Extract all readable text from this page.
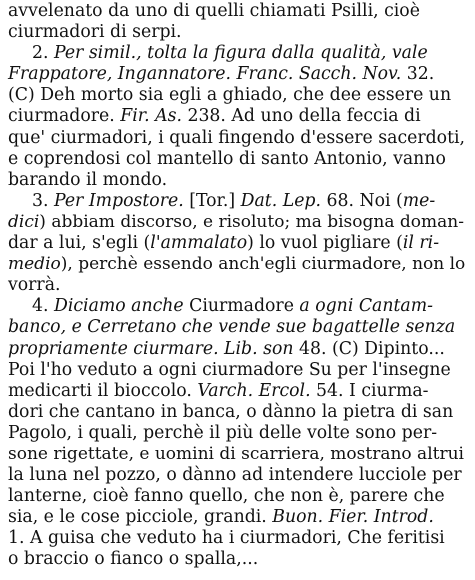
avvelenato da uno di quelli chiamati Psilli, cioè
ciurmadori di serpi.
2. Per simil., tolta la figura dalla qualità, vale
Frappatore, Ingannatore. Franc. Sacch. Nov. 32.
(C) Deh morto sia egli a ghiado, che dee essere un
ciurmadore. Fir. As. 238. Ad uno della feccia di
que' ciurmadori, i quali fingendo d'essere sacerdoti,
e coprendosi col mantello di santo Antonio, vanno
barando il mondo.
3. Per Impostore. [Tor.] Dat. Lep. 68. Noi (me-
dici) abbiam discorso, e risoluto; ma bisogna doman-
dar a lui, s'egli (l'ammalato) lo vuol pigliare (il ri-
medio), perchè essendo anch'egli ciurmadore, non lo
vorrà.
4. Diciamo anche Ciurmadore a ogni Cantam-
banco, e Cerretano che vende sue bagattelle senza
propriamente ciurmare. Lib. son 48. (C) Dipinto...
Poi l'ho veduto a ogni ciurmadore Su per l'insegne
medicarti il bioccolo. Varch. Ercol. 54. I ciurma-
dori che cantano in banca, o dànno la pietra di san
Pagolo, i quali, perchè il più delle volte sono per-
sone rigettate, e uomini di scarriera, mostrano altrui
la luna nel pozzo, o dànno ad intendere lucciole per
lanterne, cioè fanno quello, che non è, parere che
sia, e le cose picciole, grandi. Buon. Fier. Introd.
1. A guisa che veduto ha i ciurmadori, Che feritisi
o braccio o fianco o spalla,...
